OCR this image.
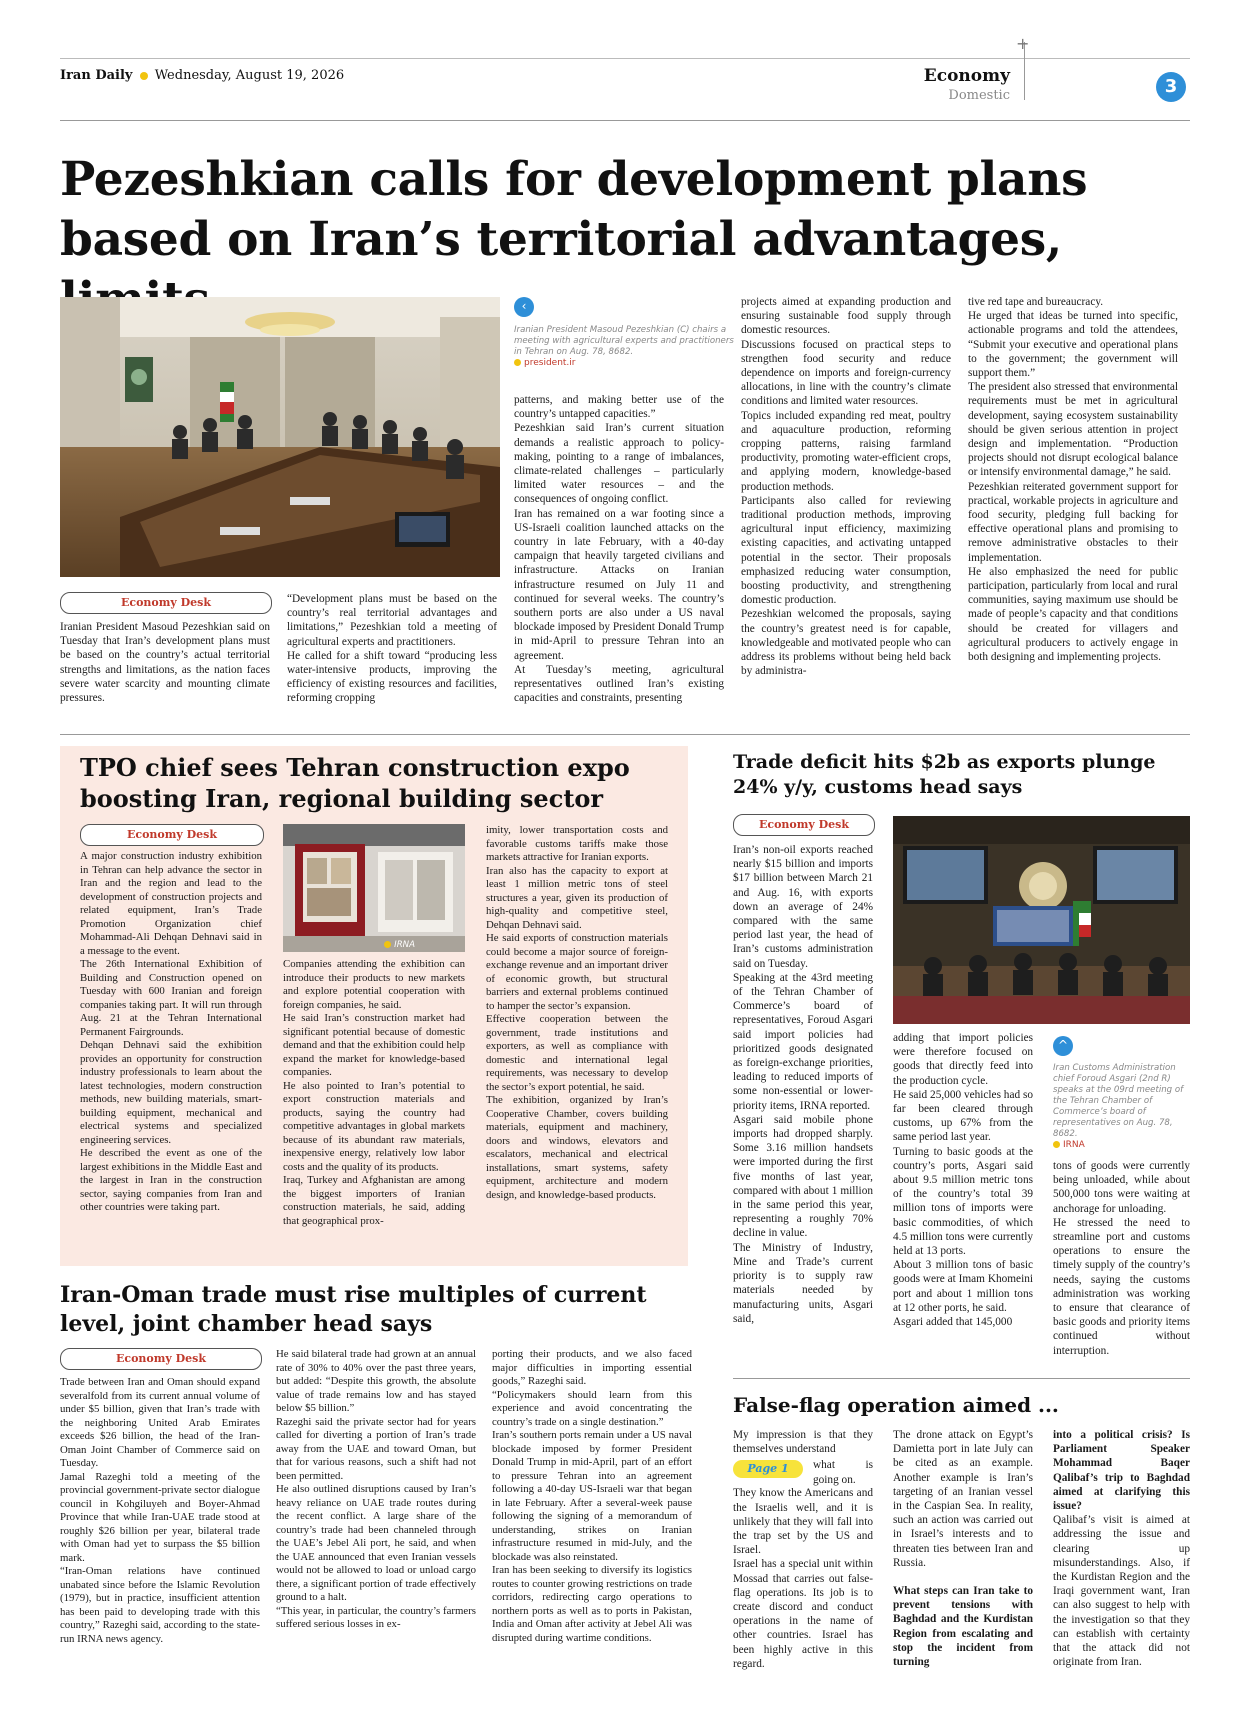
Iran Daily Wednesday, August 19, 2026	Economy
Domestic
+
3
Pezeshkian calls for development plans based on Iran’s territorial advantages,
‹
Iranian President Masoud Pezeshkian (C) chairs a meeting with agricultural experts and practitioners in Tehran on Aug. 78, 8682.
president.ir
Economy Desk

Iranian President Masoud Pezeshkian said on Tuesday that Iran’s development plans must be based on the country’s actual territorial strengths and limitations, as the nation faces severe water scarcity and mounting climate pressures.

“Development plans must be based on the country’s real territorial advantages and limitations,” Pezeshkian told a meeting of agricultural experts and practitioners.

He called for a shift toward “producing less water-intensive products, improving the efficiency of existing resources and facilities, reforming cropping

patterns, and making better use of the country’s untapped capacities.”

Pezeshkian said Iran’s current situation demands a realistic approach to policy-making, pointing to a range of imbalances, climate-related challenges – particularly limited water resources – and the consequences of ongoing conflict.

Iran has remained on a war footing since a US-Israeli coalition launched attacks on the country in late February, with a 40-day campaign that heavily targeted civilians and infrastructure. Attacks on Iranian infrastructure resumed on July 11 and continued for several weeks. The country’s southern ports are also under a US naval blockade imposed by President Donald Trump in mid-April to pressure Tehran into an agreement.

At Tuesday’s meeting, agricultural representatives outlined Iran’s existing capacities and constraints, presenting

projects aimed at expanding production and ensuring sustainable food supply through domestic resources.

Discussions focused on practical steps to strengthen food security and reduce dependence on imports and foreign-currency allocations, in line with the country’s climate conditions and limited water resources.

Topics included expanding red meat, poultry and aquaculture production, reforming cropping patterns, raising farmland productivity, promoting water-efficient crops, and applying modern, knowledge-based production methods.

Participants also called for reviewing traditional production methods, improving agricultural input efficiency, maximizing existing capacities, and activating untapped potential in the sector. Their proposals emphasized reducing water consumption, boosting productivity, and strengthening domestic production.

Pezeshkian welcomed the proposals, saying the country’s greatest need is for capable, knowledgeable and motivated people who can address its problems without being held back by administra-

tive red tape and bureaucracy.

He urged that ideas be turned into specific, actionable programs and told the attendees, “Submit your executive and operational plans to the government; the government will support them.”

The president also stressed that environmental requirements must be met in agricultural development, saying ecosystem sustainability should be given serious attention in project design and implementation. “Production projects should not disrupt ecological balance or intensify environmental damage,” he said.

Pezeshkian reiterated government support for practical, workable projects in agriculture and food security, pledging full backing for effective operational plans and promising to remove administrative obstacles to their implementation.

He also emphasized the need for public participation, particularly from local and rural communities, saying maximum use should be made of people’s capacity and that conditions should be created for villagers and agricultural producers to actively engage in both designing and implementing projects.

TPO chief sees Tehran construction expo boosting Iran, regional building sector
Economy Desk

A major construction industry exhibition in Tehran can help advance the sector in Iran and the region and lead to the development of construction projects and related equipment, Iran’s Trade Promotion Organization chief Mohammad-Ali Dehqan Dehnavi said in a message to the event.

The 26th International Exhibition of Building and Construction opened on Tuesday with 600 Iranian and foreign companies taking part. It will run through Aug. 21 at the Tehran International Permanent Fairgrounds.

Dehqan Dehnavi said the exhibition provides an opportunity for construction industry professionals to learn about the latest technologies, modern construction methods, new building materials, smart-building equipment, mechanical and electrical systems and specialized engineering services.

He described the event as one of the largest exhibitions in the Middle East and the largest in Iran in the construction sector, saying companies from Iran and other countries were taking part.

IRNA

Companies attending the exhibition can introduce their products to new markets and explore potential cooperation with foreign companies, he said.

He said Iran’s construction market had significant potential because of domestic demand and that the exhibition could help expand the market for knowledge-based companies.

He also pointed to Iran’s potential to export construction materials and products, saying the country had competitive advantages in global markets because of its abundant raw materials, inexpensive energy, relatively low labor costs and the quality of its products.

Iraq, Turkey and Afghanistan are among the biggest importers of Iranian construction materials, he said, adding that geographical prox-

imity, lower transportation costs and favorable customs tariffs make those markets attractive for Iranian exports.

Iran also has the capacity to export at least 1 million metric tons of steel structures a year, given its production of high-quality and competitive steel, Dehqan Dehnavi said.

He said exports of construction materials could become a major source of foreign-exchange revenue and an important driver of economic growth, but structural barriers and external problems continued to hamper the sector’s expansion.

Effective cooperation between the government, trade institutions and exporters, as well as compliance with domestic and international legal requirements, was necessary to develop the sector’s export potential, he said.

The exhibition, organized by Iran’s Cooperative Chamber, covers building materials, equipment and machinery, doors and windows, elevators and escalators, mechanical and electrical installations, smart systems, safety equipment, architecture and modern design, and knowledge-based products.

Trade deficit hits $2b as exports plunge 24% y/y, customs head says
Economy Desk

Iran’s non-oil exports reached nearly $15 billion and imports $17 billion between March 21 and Aug. 16, with exports down an average of 24% compared with the same period last year, the head of Iran’s customs administration said on Tuesday.

Speaking at the 43rd meeting of the Tehran Chamber of Commerce’s board of representatives, Foroud Asgari said import policies had prioritized goods designated as foreign-exchange priorities, leading to reduced imports of some non-essential or lower-priority items, IRNA reported.

Asgari said mobile phone imports had dropped sharply. Some 3.16 million handsets were imported during the first five months of last year, compared with about 1 million in the same period this year, representing a roughly 70% decline in value.

The Ministry of Industry, Mine and Trade’s current priority is to supply raw materials needed by manufacturing units, Asgari said,

^
Iran Customs Administration chief Foroud Asgari (2nd R) speaks at the 09rd meeting of the Tehran Chamber of Commerce’s board of representatives on Aug. 78, 8682.
IRNA

adding that import policies were therefore focused on goods that directly feed into the production cycle.

He said 25,000 vehicles had so far been cleared through customs, up 67% from the same period last year.

Turning to basic goods at the country’s ports, Asgari said about 9.5 million metric tons of the country’s total 39 million tons of imports were basic commodities, of which 4.5 million tons were currently held at 13 ports.

About 3 million tons of basic goods were at Imam Khomeini port and about 1 million tons at 12 other ports, he said.

Asgari added that 145,000

tons of goods were currently being unloaded, while about 500,000 tons were waiting at anchorage for unloading.

He stressed the need to streamline port and customs operations to ensure the timely supply of the country’s needs, saying the customs administration was working to ensure that clearance of basic goods and priority items continued without interruption.

Iran-Oman trade must rise multiples of current level, joint chamber head says
Economy Desk

Trade between Iran and Oman should expand severalfold from its current annual volume of under $5 billion, given that Iran’s trade with the neighboring United Arab Emirates exceeds $26 billion, the head of the Iran-Oman Joint Chamber of Commerce said on Tuesday.

Jamal Razeghi told a meeting of the provincial government-private sector dialogue council in Kohgiluyeh and Boyer-Ahmad Province that while Iran-UAE trade stood at roughly $26 billion per year, bilateral trade with Oman had yet to surpass the $5 billion mark.

“Iran-Oman relations have continued unabated since before the Islamic Revolution (1979), but in practice, insufficient attention has been paid to developing trade with this country,” Razeghi said, according to the state-run IRNA news agency.

He said bilateral trade had grown at an annual rate of 30% to 40% over the past three years, but added: “Despite this growth, the absolute value of trade remains low and has stayed below $5 billion.”

Razeghi said the private sector had for years called for diverting a portion of Iran’s trade away from the UAE and toward Oman, but that for various reasons, such a shift had not been permitted.

He also outlined disruptions caused by Iran’s heavy reliance on UAE trade routes during the recent conflict. A large share of the country’s trade had been channeled through the UAE’s Jebel Ali port, he said, and when the UAE announced that even Iranian vessels would not be allowed to load or unload cargo there, a significant portion of trade effectively ground to a halt.

“This year, in particular, the country’s farmers suffered serious losses in ex-

porting their products, and we also faced major difficulties in importing essential goods,” Razeghi said.

“Policymakers should learn from this experience and avoid concentrating the country’s trade on a single destination.”

Iran’s southern ports remain under a US naval blockade imposed by former President Donald Trump in mid-April, part of an effort to pressure Tehran into an agreement following a 40-day US-Israeli war that began in late February. After a several-week pause following the signing of a memorandum of understanding, strikes on Iranian infrastructure resumed in mid-July, and the blockade was also reinstated.

Iran has been seeking to diversify its logistics routes to counter growing restrictions on trade corridors, redirecting cargo operations to northern ports as well as to ports in Pakistan, India and Oman after activity at Jebel Ali was disrupted during wartime conditions.

False-flag operation aimed ...

My impression is that they themselves understand

Page 1	what is going on.

They know the Americans and the Israelis well, and it is unlikely that they will fall into the trap set by the US and Israel.

Israel has a special unit within Mossad that carries out false-flag operations. Its job is to create discord and conduct operations in the name of other countries. Israel has been highly active in this regard.

The drone attack on Egypt’s Damietta port in late July can be cited as an example. Another example is Iran’s targeting of an Iranian vessel in the Caspian Sea. In reality, such an action was carried out in Israel’s interests and to threaten ties between Iran and Russia.

What steps can Iran take to prevent tensions with Baghdad and the Kurdistan Region from escalating and stop the incident from turning

into a political crisis? Is Parliament Speaker Mohammad Baqer Qalibaf’s trip to Baghdad aimed at clarifying this issue?

Qalibaf’s visit is aimed at addressing the issue and clearing up misunderstandings. Also, if the Kurdistan Region and the Iraqi government want, Iran can also suggest to help with the investigation so that they can establish with certainty that the attack did not originate from Iran.
